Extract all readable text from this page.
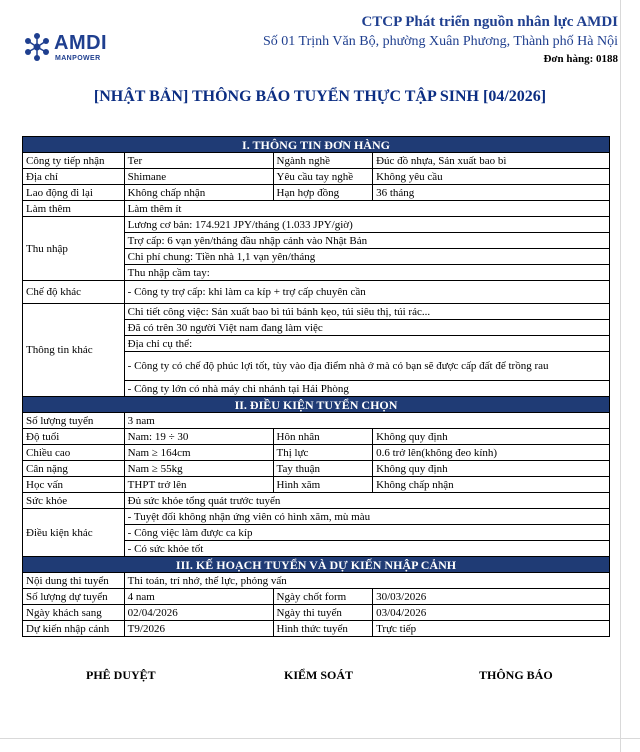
AMDI
MANPOWER
CTCP Phát triển nguồn nhân lực AMDI
Số 01 Trịnh Văn Bộ, phường Xuân Phương, Thành phố Hà Nội
Đơn hàng: 0188
[NHẬT BẢN] THÔNG BÁO TUYỂN THỰC TẬP SINH [04/2026]
I. THÔNG TIN ĐƠN HÀNG			
Công ty tiếp nhận	Ter	Ngành nghề	Đúc đồ nhựa, Sản xuất bao bì
Địa chỉ	Shimane	Yêu cầu tay nghề	Không yêu cầu
Lao động đi lại	Không chấp nhận	Hạn hợp đồng	36 tháng
Làm thêm	Làm thêm ít		
Thu nhập	Lương cơ bản: 174.921 JPY/tháng (1.033 JPY/giờ)		
	Trợ cấp: 6 vạn yên/tháng đầu nhập cảnh vào Nhật Bản		
	Chi phí chung: Tiền nhà 1,1 vạn yên/tháng		
	Thu nhập cầm tay:		
Chế độ khác	- Công ty trợ cấp: khi làm ca kíp + trợ cấp chuyên cần		
Thông tin khác	Chi tiết công việc: Sản xuất bao bì túi bánh kẹo, túi siêu thị, túi rác...		
	Đã có trên 30 người Việt nam đang làm việc		
	Địa chỉ cụ thể:		
	- Công ty có chế độ phúc lợi tốt, tùy vào địa điểm nhà ở mà có bạn sẽ được cấp đất để trồng rau		
	- Công ty lớn có nhà máy chi nhánh tại Hải Phòng		
II. ĐIỀU KIỆN TUYỂN CHỌN			
Số lượng tuyển	3 nam		
Độ tuổi	Nam: 19 ÷ 30	Hôn nhân	Không quy định
Chiều cao	Nam ≥ 164cm	Thị lực	0.6 trở lên(không đeo kính)
Cân nặng	Nam ≥ 55kg	Tay thuận	Không quy định
Học vấn	THPT trở lên	Hình xăm	Không chấp nhận
Sức khỏe	Đủ sức khỏe tổng quát trước tuyển		
Điều kiện khác	- Tuyệt đối không nhận ứng viên có hình xăm, mù màu		
	- Công việc làm được ca kíp		
	- Có sức khỏe tốt		
III. KẾ HOẠCH TUYỂN VÀ DỰ KIẾN NHẬP CẢNH			
Nội dung thi tuyển	Thi toán, trí nhớ, thể lực, phỏng vấn		
Số lượng dự tuyển	4 nam	Ngày chốt form	30/03/2026
Ngày khách sang	02/04/2026	Ngày thi tuyển	03/04/2026
Dự kiến nhập cảnh	T9/2026	Hình thức tuyển	Trực tiếp
PHÊ DUYỆT	KIỂM SOÁT	THÔNG BÁO
